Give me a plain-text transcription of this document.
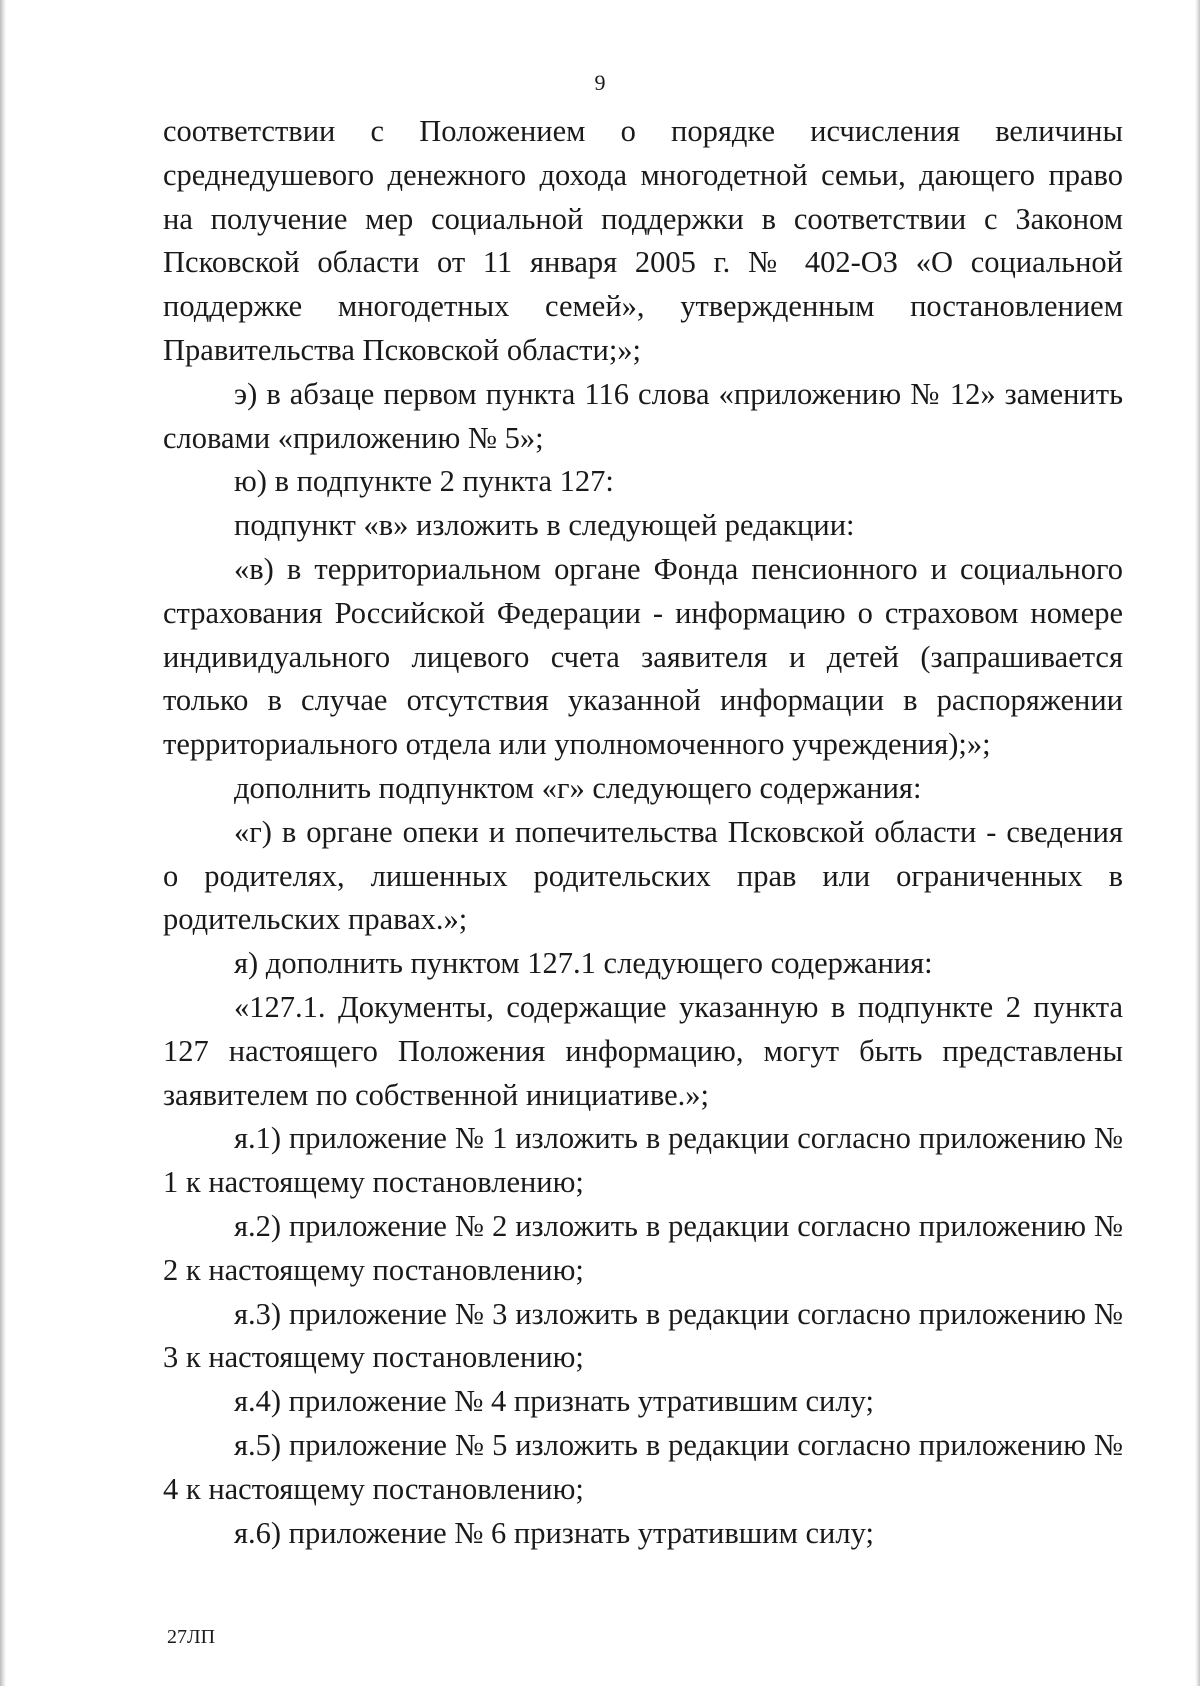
9

соответствии с Положением о порядке исчисления величины среднедушевого денежного дохода многодетной семьи, дающего право на получение мер социальной поддержки в соответствии с Законом Псковской области от 11 января 2005 г. № 402-ОЗ «О социальной поддержке многодетных семей», утвержденным постановлением Правительства Псковской области;»;

э) в абзаце первом пункта 116 слова «приложению № 12» заменить словами «приложению № 5»;

ю) в подпункте 2 пункта 127:

подпункт «в» изложить в следующей редакции:

«в) в территориальном органе Фонда пенсионного и социального страхования Российской Федерации - информацию о страховом номере индивидуального лицевого счета заявителя и детей (запрашивается только в случае отсутствия указанной информации в распоряжении территориального отдела или уполномоченного учреждения);»;

дополнить подпунктом «г» следующего содержания:

«г) в органе опеки и попечительства Псковской области - сведения о родителях, лишенных родительских прав или ограниченных в родительских правах.»;

я) дополнить пунктом 127.1 следующего содержания:

«127.1. Документы, содержащие указанную в подпункте 2 пункта 127 настоящего Положения информацию, могут быть представлены заявителем по собственной инициативе.»;

я.1) приложение № 1 изложить в редакции согласно приложению № 1 к настоящему постановлению;

я.2) приложение № 2 изложить в редакции согласно приложению № 2 к настоящему постановлению;

я.3) приложение № 3 изложить в редакции согласно приложению № 3 к настоящему постановлению;

я.4) приложение № 4 признать утратившим силу;

я.5) приложение № 5 изложить в редакции согласно приложению № 4 к настоящему постановлению;

я.6) приложение № 6 признать утратившим силу;

27ЛП
